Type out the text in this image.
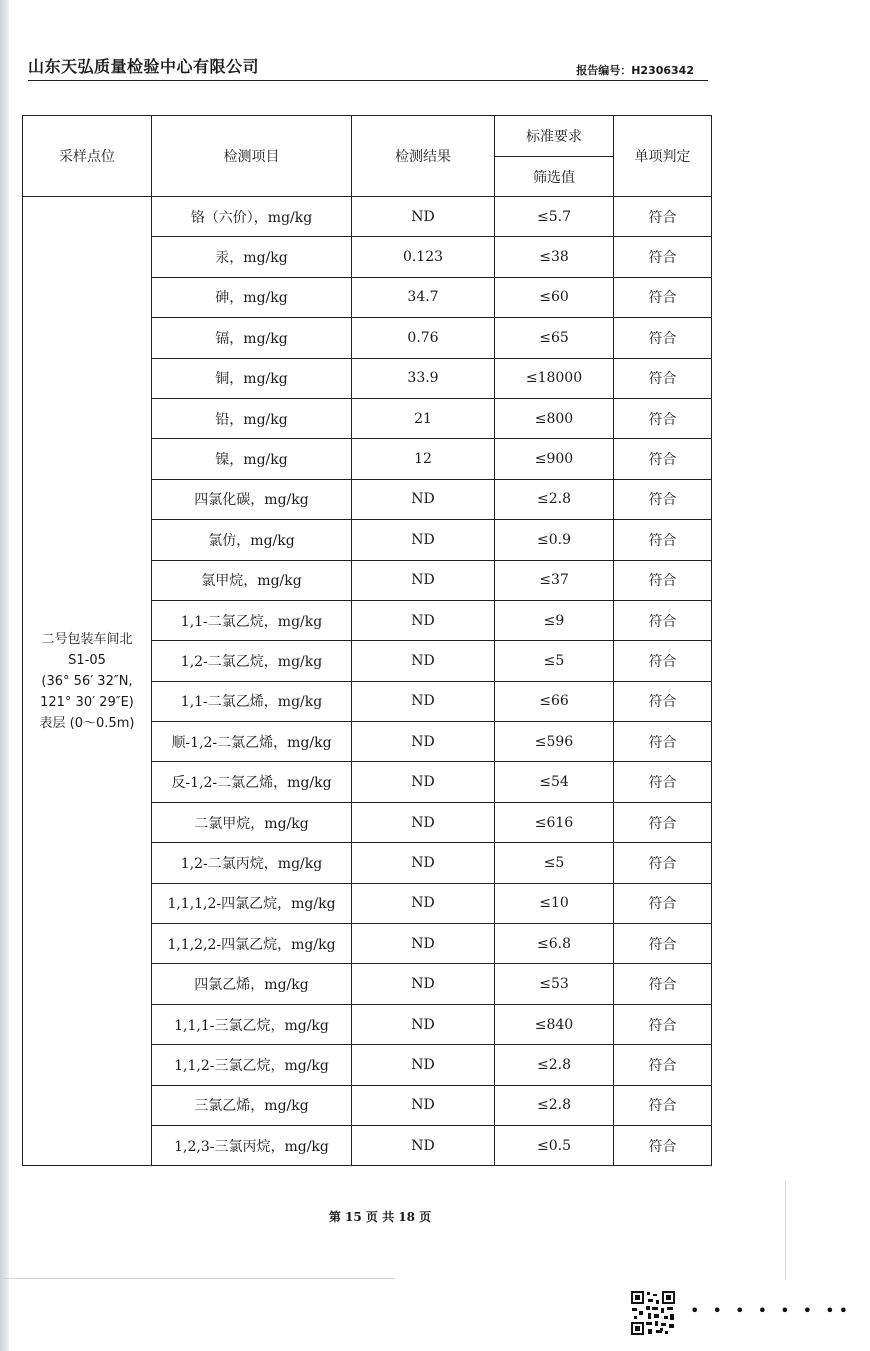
山东天弘质量检验中心有限公司	报告编号：H2306342
采样点位	检测项目	检测结果	标准要求	单项判定
			筛选值	

二号包装车间北
S1-05
(36° 56′ 32″N,
121° 30′ 29″E)
表层 (0～0.5m)	铬（六价），mg/kg	ND	≤5.7	符合
	汞，mg/kg	0.123	≤38	符合
	砷，mg/kg	34.7	≤60	符合
	镉，mg/kg	0.76	≤65	符合
	铜，mg/kg	33.9	≤18000	符合
	铅，mg/kg	21	≤800	符合
	镍，mg/kg	12	≤900	符合
	四氯化碳，mg/kg	ND	≤2.8	符合
	氯仿，mg/kg	ND	≤0.9	符合
	氯甲烷，mg/kg	ND	≤37	符合
	1,1-二氯乙烷，mg/kg	ND	≤9	符合
	1,2-二氯乙烷，mg/kg	ND	≤5	符合
	1,1-二氯乙烯，mg/kg	ND	≤66	符合
	顺-1,2-二氯乙烯，mg/kg	ND	≤596	符合
	反-1,2-二氯乙烯，mg/kg	ND	≤54	符合
	二氯甲烷，mg/kg	ND	≤616	符合
	1,2-二氯丙烷，mg/kg	ND	≤5	符合
	1,1,1,2-四氯乙烷，mg/kg	ND	≤10	符合
	1,1,2,2-四氯乙烷，mg/kg	ND	≤6.8	符合
	四氯乙烯，mg/kg	ND	≤53	符合
	1,1,1-三氯乙烷，mg/kg	ND	≤840	符合
	1,1,2-三氯乙烷，mg/kg	ND	≤2.8	符合
	三氯乙烯，mg/kg	ND	≤2.8	符合
	1,2,3-三氯丙烷，mg/kg	ND	≤0.5	符合
第 15 页 共 18 页
• • • • • • ••
